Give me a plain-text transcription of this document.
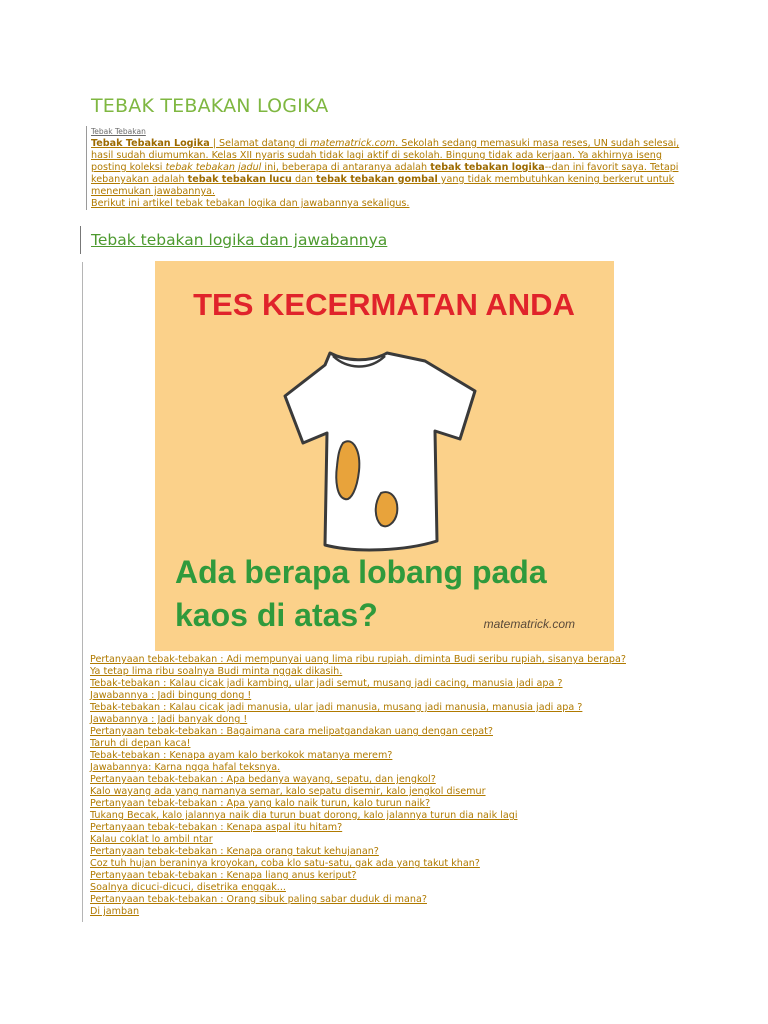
TEBAK TEBAKAN LOGIKA
Tebak Tebakan
Tebak Tebakan Logika | Selamat datang di matematrick.com. Sekolah sedang memasuki masa reses, UN sudah selesai, hasil sudah diumumkan. Kelas XII nyaris sudah tidak lagi aktif di sekolah. Bingung tidak ada kerjaan. Ya akhirnya iseng posting koleksi tebak tebakan jadul ini, beberapa di antaranya adalah tebak tebakan logika--dan ini favorit saya. Tetapi kebanyakan adalah tebak tebakan lucu dan tebak tebakan gombal yang tidak membutuhkan kening berkerut untuk menemukan jawabannya.
Berikut ini artikel tebak tebakan logika dan jawabannya sekaligus.
Tebak tebakan logika dan jawabannya
TES KECERMATAN ANDA
Ada berapa lobang pada
kaos di atas?	matematrick.com
Pertanyaan tebak-tebakan : Adi mempunyai uang lima ribu rupiah. diminta Budi seribu rupiah, sisanya berapa?
Ya tetap lima ribu soalnya Budi minta nggak dikasih.
Tebak-tebakan : Kalau cicak jadi kambing, ular jadi semut, musang jadi cacing, manusia jadi apa ?
Jawabannya : Jadi bingung dong !
Tebak-tebakan : Kalau cicak jadi manusia, ular jadi manusia, musang jadi manusia, manusia jadi apa ?
Jawabannya : Jadi banyak dong !
Pertanyaan tebak-tebakan : Bagaimana cara melipatgandakan uang dengan cepat?
Taruh di depan kaca!
Tebak-tebakan : Kenapa ayam kalo berkokok matanya merem?
Jawabannya: Karna ngga hafal teksnya.
Pertanyaan tebak-tebakan : Apa bedanya wayang, sepatu, dan jengkol?
Kalo wayang ada yang namanya semar, kalo sepatu disemir, kalo jengkol disemur
Pertanyaan tebak-tebakan : Apa yang kalo naik turun, kalo turun naik?
Tukang Becak, kalo jalannya naik dia turun buat dorong, kalo jalannya turun dia naik lagi
Pertanyaan tebak-tebakan : Kenapa aspal itu hitam?
Kalau coklat lo ambil ntar
Pertanyaan tebak-tebakan : Kenapa orang takut kehujanan?
Coz tuh hujan beraninya kroyokan, coba klo satu-satu, gak ada yang takut khan?
Pertanyaan tebak-tebakan : Kenapa liang anus keriput?
Soalnya dicuci-dicuci, disetrika enggak...
Pertanyaan tebak-tebakan : Orang sibuk paling sabar duduk di mana?
Di jamban
